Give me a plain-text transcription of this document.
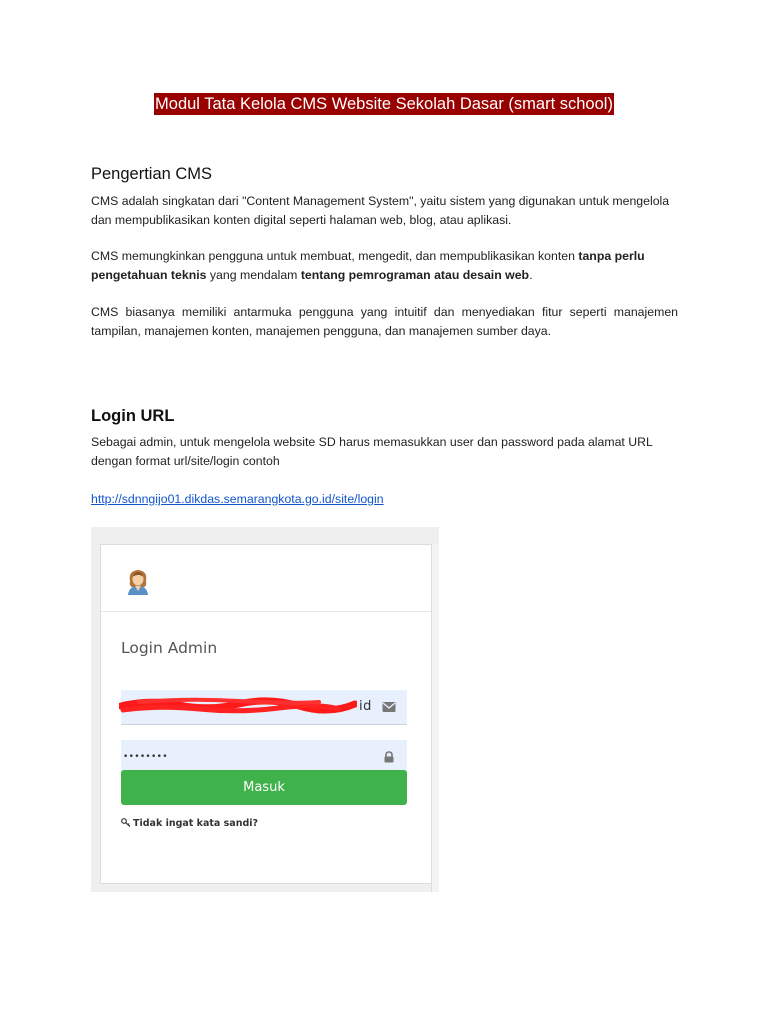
Modul Tata Kelola CMS Website Sekolah Dasar (smart school)
Pengertian CMS

CMS adalah singkatan dari "Content Management System", yaitu sistem yang digunakan untuk mengelola dan mempublikasikan konten digital seperti halaman web, blog, atau aplikasi.

CMS memungkinkan pengguna untuk membuat, mengedit, dan mempublikasikan konten tanpa perlu pengetahuan teknis yang mendalam tentang pemrograman atau desain web.

CMS biasanya memiliki antarmuka pengguna yang intuitif dan menyediakan fitur seperti manajemen tampilan, manajemen konten, manajemen pengguna, dan manajemen sumber daya.

Login URL

Sebagai admin, untuk mengelola website SD harus memasukkan user dan password pada alamat URL dengan format url/site/login contoh

http://sdnngijo01.dikdas.semarangkota.go.id/site/login
Login Admin
id
••••••••
Masuk
Tidak ingat kata sandi?
